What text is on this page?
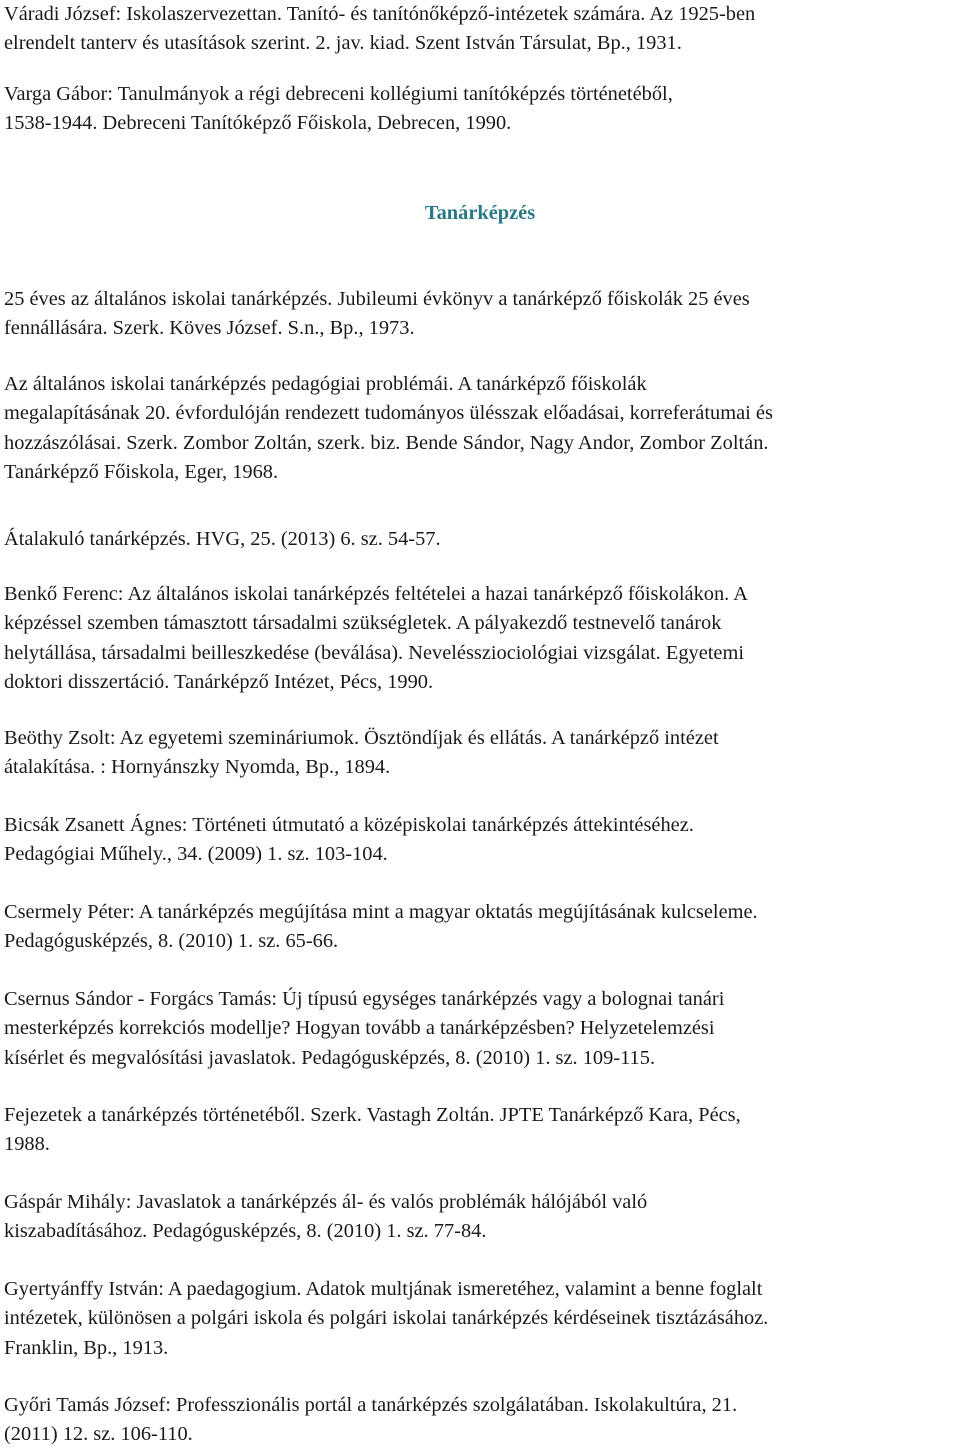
Váradi József: Iskolaszervezettan. Tanító- és tanítónőképző-intézetek számára. Az 1925-ben
elrendelt tanterv és utasítások szerint. 2. jav. kiad. Szent István Társulat, Bp., 1931.

Varga Gábor: Tanulmányok a régi debreceni kollégiumi tanítóképzés történetéből,
1538-1944. Debreceni Tanítóképző Főiskola, Debrecen, 1990.

Tanárképzés

25 éves az általános iskolai tanárképzés. Jubileumi évkönyv a tanárképző főiskolák 25 éves
fennállására. Szerk. Köves József. S.n., Bp., 1973.

Az általános iskolai tanárképzés pedagógiai problémái. A tanárképző főiskolák
megalapításának 20. évfordulóján rendezett tudományos ülésszak előadásai, korreferátumai és
hozzászólásai. Szerk. Zombor Zoltán, szerk. biz. Bende Sándor, Nagy Andor, Zombor Zoltán.
Tanárképző Főiskola, Eger, 1968.

Átalakuló tanárképzés. HVG, 25. (2013) 6. sz. 54-57.

Benkő Ferenc: Az általános iskolai tanárképzés feltételei a hazai tanárképző főiskolákon. A
képzéssel szemben támasztott társadalmi szükségletek. A pályakezdő testnevelő tanárok
helytállása, társadalmi beilleszkedése (beválása). Neveléssziociológiai vizsgálat. Egyetemi
doktori disszertáció. Tanárképző Intézet, Pécs, 1990.

Beöthy Zsolt: Az egyetemi szemináriumok. Ösztöndíjak és ellátás. A tanárképző intézet
átalakítása. : Hornyánszky Nyomda, Bp., 1894.

Bicsák Zsanett Ágnes: Történeti útmutató a középiskolai tanárképzés áttekintéséhez.
Pedagógiai Műhely., 34. (2009) 1. sz. 103-104.

Csermely Péter: A tanárképzés megújítása mint a magyar oktatás megújításának kulcseleme.
Pedagógusképzés, 8. (2010) 1. sz. 65-66.

Csernus Sándor - Forgács Tamás: Új típusú egységes tanárképzés vagy a bolognai tanári
mesterképzés korrekciós modellje? Hogyan tovább a tanárképzésben? Helyzetelemzési
kísérlet és megvalósítási javaslatok. Pedagógusképzés, 8. (2010) 1. sz. 109-115.

Fejezetek a tanárképzés történetéből. Szerk. Vastagh Zoltán. JPTE Tanárképző Kara, Pécs,
1988.

Gáspár Mihály: Javaslatok a tanárképzés ál- és valós problémák hálójából való
kiszabadításához. Pedagógusképzés, 8. (2010) 1. sz. 77-84.

Gyertyánffy István: A paedagogium. Adatok multjának ismeretéhez, valamint a benne foglalt
intézetek, különösen a polgári iskola és polgári iskolai tanárképzés kérdéseinek tisztázásához.
Franklin, Bp., 1913.

Győri Tamás József: Professzionális portál a tanárképzés szolgálatában. Iskolakultúra, 21.
(2011) 12. sz. 106-110.
